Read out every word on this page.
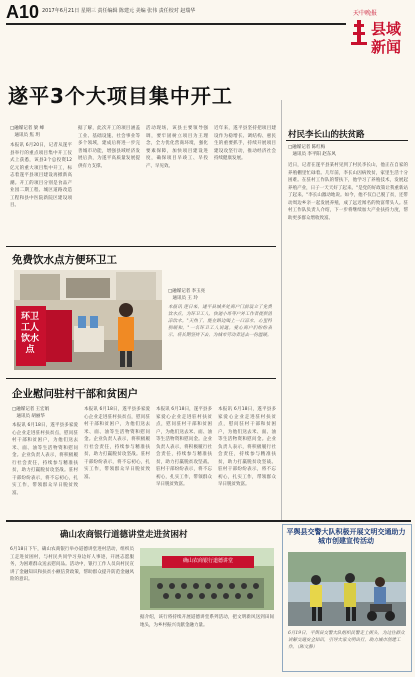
A10 2017年6月21日 星期三 责任编辑 陈建元 美编 张伟 责任校对 赵瑞华	天中晚报
县域新闻
遂平3个大项目集中开工
□融媒记者 梁 峰
　通讯员 焦 玥
本报讯 6月20日，记者从遂平县举行的重点项目集中开工仪式上获悉，该县3个总投资12亿元的重大项目集中开工，标志着遂平县项目建设再掀新高潮。开工的项目分别是食品产业园二期工程、城区道路改造工程和县中医院新院区建设项目。
据了解，此次开工的项目涵盖工业、基础设施、社会事业等多个领域，建成后将进一步完善城市功能，增强县域经济发展后劲，为遂平高质量发展提供有力支撑。
活动现场，该县主要领导强调，要牢固树立项目为王理念，全力优化营商环境，强化要素保障，加快项目建设进度，确保项目早竣工、早投产、早见效。
近年来，遂平县坚持把项目建设作为稳增长、调结构、惠民生的重要抓手，持续开展项目建设攻坚行动，推动经济社会持续健康发展。
村民李长山的扶贫路
□融媒记者 陈红梅
　通讯员 李平阳 赵东风
近日，记者在遂平县某村见到了村民李长山，他正在自家的养殖棚里忙碌着。几年前，李长山因病致贫，家里生活十分困难。在驻村工作队的帮扶下，他学习了养殖技术，发展起养殖产业，日子一天天好了起来。"是党的好政策让我重新站了起来。"李长山激动地说。如今，他不仅自己脱了贫，还带动周边乡亲一起发展养殖，成了远近闻名的致富带头人。驻村工作队负责人介绍，下一步将继续加大产业扶持力度，帮助更多群众增收致富。
免费饮水点方便环卫工
环卫工人饮水点
□融媒记者 李玉亮
　通讯员 王 玲
本报讯 连日来，遂平县城多处商户门前设立了免费饮水点，为环卫工人、快递小哥等户外工作者提供清凉饮水。"天热了，能在路边喝上一口凉水，心里特别暖和。"一名环卫工人说道。爱心商户们纷纷表示，将长期坚持下去，为城市劳动者送去一份温暖。
企业慰问驻村干部和贫困户
□融媒记者 王宏娟
　通讯员 胡丽华
本报讯 6月18日，遂平县多家爱心企业走进驻村扶贫点，慰问驻村干部和贫困户，为他们送去米、面、油等生活物资和慰问金。企业负责人表示，将积极履行社会责任，持续参与精准扶贫，助力打赢脱贫攻坚战。驻村干部纷纷表示，将不忘初心，扎实工作，带领群众早日脱贫致富。
本报讯 6月18日，遂平县多家爱心企业走进驻村扶贫点，慰问驻村干部和贫困户，为他们送去米、面、油等生活物资和慰问金。企业负责人表示，将积极履行社会责任，持续参与精准扶贫，助力打赢脱贫攻坚战。驻村干部纷纷表示，将不忘初心，扎实工作，带领群众早日脱贫致富。
本报讯 6月18日，遂平县多家爱心企业走进驻村扶贫点，慰问驻村干部和贫困户，为他们送去米、面、油等生活物资和慰问金。企业负责人表示，将积极履行社会责任，持续参与精准扶贫，助力打赢脱贫攻坚战。驻村干部纷纷表示，将不忘初心，扎实工作，带领群众早日脱贫致富。
本报讯 6月18日，遂平县多家爱心企业走进驻村扶贫点，慰问驻村干部和贫困户，为他们送去米、面、油等生活物资和慰问金。企业负责人表示，将积极履行社会责任，持续参与精准扶贫，助力打赢脱贫攻坚战。驻村干部纷纷表示，将不忘初心，扎实工作，带领群众早日脱贫致富。
确山农商银行道德讲堂走进贫困村
6月18日下午，确山农商银行举办道德讲堂进村活动，组织员工走进贫困村，与村民共同学习身边好人事迹，开展志愿服务，为困难群众送去慰问品。活动中，银行工作人员向村民宣讲了金融知识和扶贫小额信贷政策，帮助群众提升防范金融风险的意识。
确山农商银行道德讲堂
据介绍，该行将持续开展道德讲堂系列活动，把文明新风送到田间地头，为乡村振兴贡献金融力量。
平舆县交警大队积极开展文明交通助力城市创建宣传活动
6月19日，平舆县交警大队组织民警走上街头，为过往群众讲解交通安全知识，引导大家文明出行，助力城市创建工作。（陈文静）
